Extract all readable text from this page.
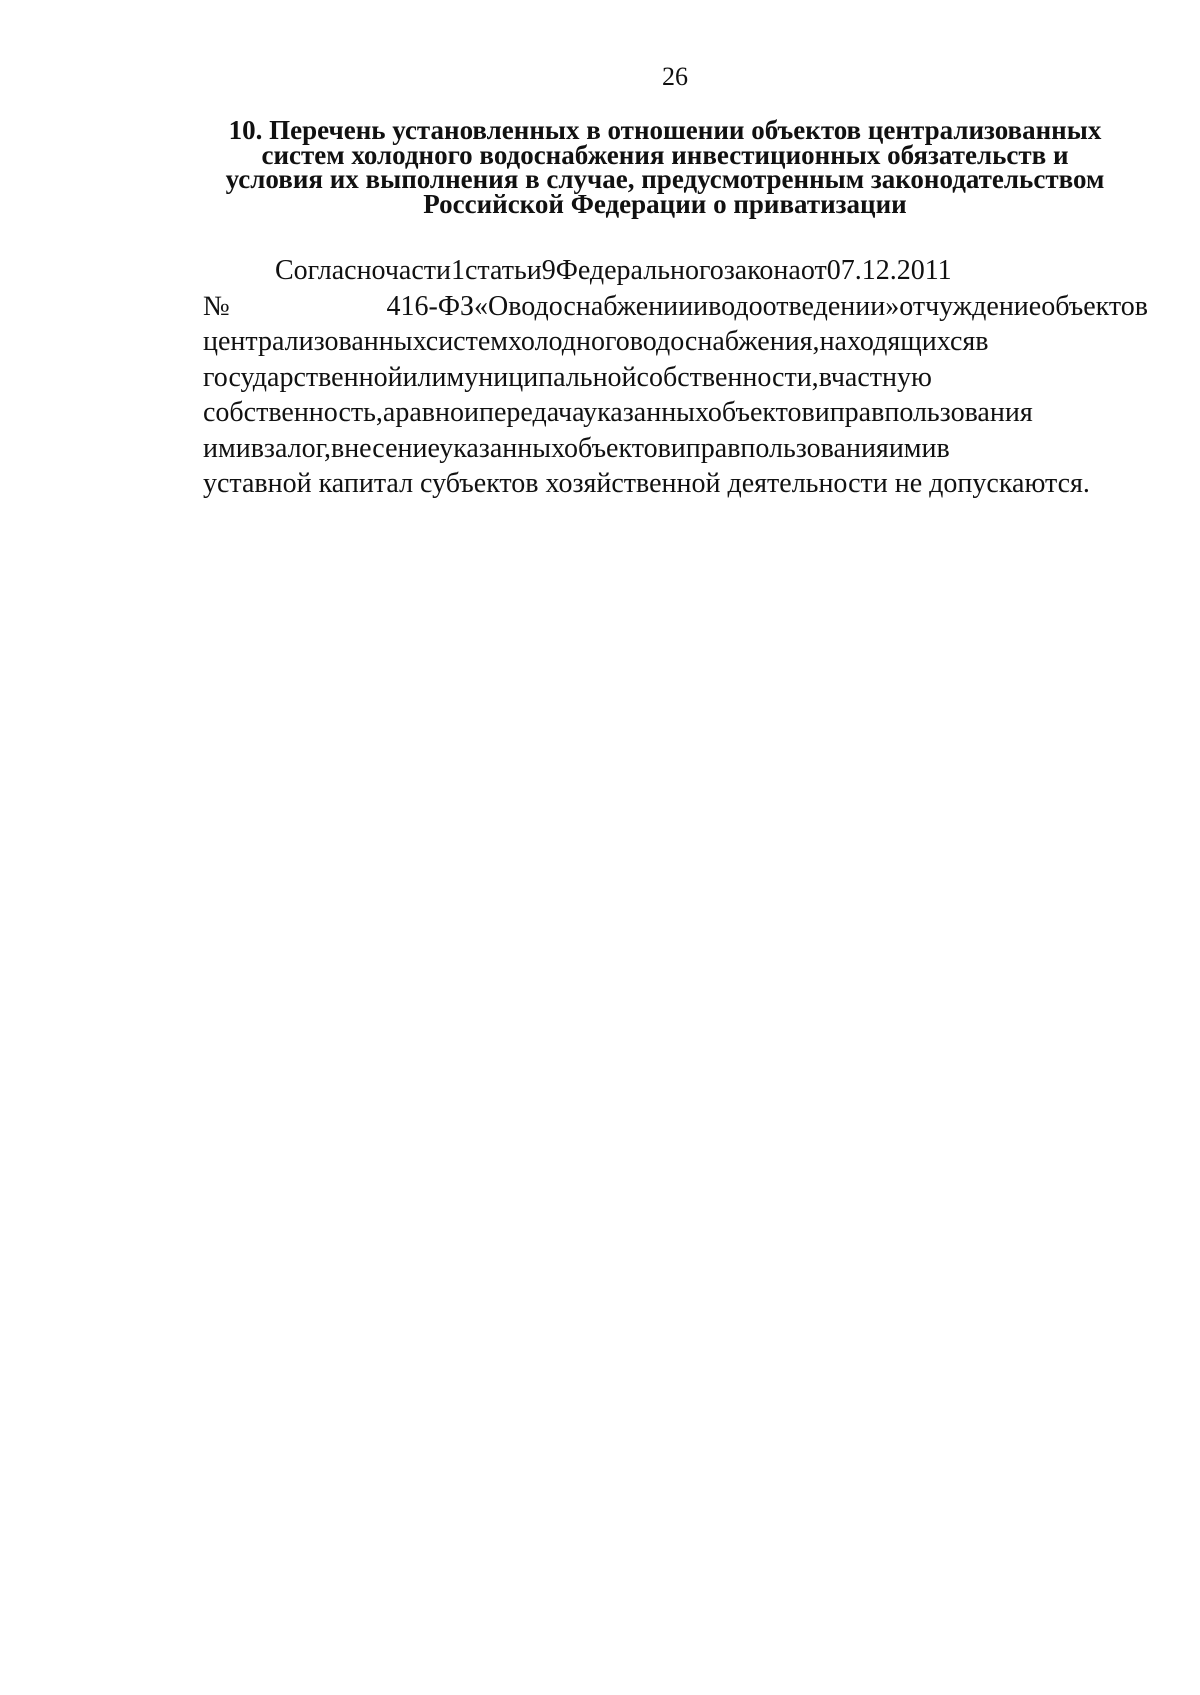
26
10. Перечень установленных в отношении объектов централизованных
систем холодного водоснабжения инвестиционных обязательств и
условия их выполнения в случае, предусмотренным законодательством
Российской Федерации о приватизации
Согласночасти1статьи9Федеральногозаконаот07.12.2011
№416-ФЗ«Оводоснабжениииводоотведении»отчуждениеобъектов
централизованныхсистемхолодноговодоснабжения,находящихсяв
государственнойилимуниципальнойсобственности,вчастную
собственность,аравноипередачауказанныхобъектовиправпользования
имивзалог,внесениеуказанныхобъектовиправпользованияимив
уставной капитал субъектов хозяйственной деятельности не допускаются.
